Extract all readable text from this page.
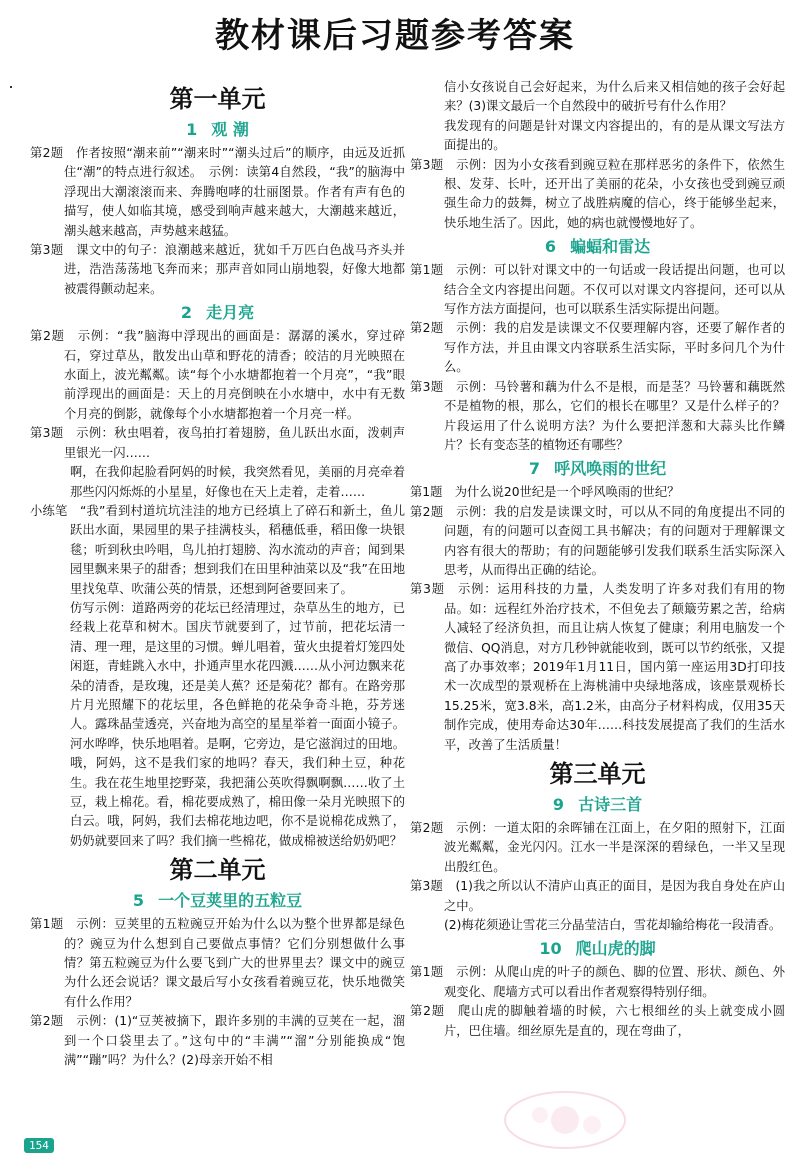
教材课后习题参考答案
第一单元
1 观 潮

第2题　作者按照“潮来前”“潮来时”“潮头过后”的顺序，由远及近抓住“潮”的特点进行叙述。　示例：读第4自然段，“我”的脑海中浮现出大潮滚滚而来、奔腾咆哮的壮丽图景。作者有声有色的描写，使人如临其境，感受到响声越来越大，大潮越来越近，潮头越来越高，声势越来越猛。

第3题　课文中的句子：浪潮越来越近，犹如千万匹白色战马齐头并进，浩浩荡荡地飞奔而来；那声音如同山崩地裂，好像大地都被震得颤动起来。

2 走月亮

第2题　示例：“我”脑海中浮现出的画面是：潺潺的溪水，穿过碎石，穿过草丛，散发出山草和野花的清香；皎洁的月光映照在水面上，波光粼粼。读“每个小水塘都抱着一个月亮”，“我”眼前浮现出的画面是：天上的月亮倒映在小水塘中，水中有无数个月亮的倒影，就像每个小水塘都抱着一个月亮一样。

第3题　示例：秋虫唱着，夜鸟拍打着翅膀，鱼儿跃出水面，泼刺声里银光一闪……

啊，在我仰起脸看阿妈的时候，我突然看见，美丽的月亮牵着那些闪闪烁烁的小星星，好像也在天上走着，走着……

小练笔　“我”看到村道坑坑洼洼的地方已经填上了碎石和新土，鱼儿跃出水面，果园里的果子挂满枝头，稻穗低垂，稻田像一块银毯；听到秋虫吟唱，鸟儿拍打翅膀、沟水流动的声音；闻到果园里飘来果子的甜香；想到我们在田里种油菜以及“我”在田地里找兔草、吹蒲公英的情景，还想到阿爸要回来了。

仿写示例：道路两旁的花坛已经清理过，杂草丛生的地方，已经栽上花草和树木。国庆节就要到了，过节前，把花坛清一清、理一理，是这里的习惯。蝉儿唱着，萤火虫提着灯笼四处闲逛，青蛙跳入水中，扑通声里水花四溅……从小河边飘来花朵的清香，是玫瑰，还是美人蕉？还是菊花？都有。在路旁那片月光照耀下的花坛里，各色鲜艳的花朵争奇斗艳，芬芳迷人。露珠晶莹透亮，兴奋地为高空的星星举着一面面小镜子。河水哗哗，快乐地唱着。是啊，它旁边，是它滋润过的田地。哦，阿妈，这不是我们家的地吗？春天，我们种土豆，种花生。我在花生地里挖野菜，我把蒲公英吹得飘啊飘……收了土豆，栽上棉花。看，棉花要成熟了，棉田像一朵月光映照下的白云。哦，阿妈，我们去棉花地边吧，你不是说棉花成熟了，奶奶就要回来了吗？我们摘一些棉花，做成棉被送给奶奶吧？

第二单元
5 一个豆荚里的五粒豆

第1题　示例：豆荚里的五粒豌豆开始为什么以为整个世界都是绿色的？豌豆为什么想到自己要做点事情？它们分别想做什么事情？第五粒豌豆为什么要飞到广大的世界里去？课文中的豌豆为什么还会说话？课文最后写小女孩看着豌豆花，快乐地微笑有什么作用？

第2题　示例：(1)“豆荚被摘下，跟许多别的丰满的豆荚在一起，溜到一个口袋里去了。”这句中的“丰满”“溜”分别能换成“饱满”“蹦”吗？为什么？(2)母亲开始不相

信小女孩说自己会好起来，为什么后来又相信她的孩子会好起来？(3)课文最后一个自然段中的破折号有什么作用？

我发现有的问题是针对课文内容提出的，有的是从课文写法方面提出的。

第3题　示例：因为小女孩看到豌豆粒在那样恶劣的条件下，依然生根、发芽、长叶，还开出了美丽的花朵，小女孩也受到豌豆顽强生命力的鼓舞，树立了战胜病魔的信心，终于能够坐起来，快乐地生活了。因此，她的病也就慢慢地好了。

6 蝙蝠和雷达

第1题　示例：可以针对课文中的一句话或一段话提出问题，也可以结合全文内容提出问题。不仅可以对课文内容提问，还可以从写作方法方面提问，也可以联系生活实际提出问题。

第2题　示例：我的启发是读课文不仅要理解内容，还要了解作者的写作方法，并且由课文内容联系生活实际，平时多问几个为什么。

第3题　示例：马铃薯和藕为什么不是根，而是茎？马铃薯和藕既然不是植物的根，那么，它们的根长在哪里？又是什么样子的？片段运用了什么说明方法？为什么要把洋葱和大蒜头比作鳞片？长有变态茎的植物还有哪些？

7 呼风唤雨的世纪

第1题　为什么说20世纪是一个呼风唤雨的世纪？

第2题　示例：我的启发是读课文时，可以从不同的角度提出不同的问题，有的问题可以查阅工具书解决；有的问题对于理解课文内容有很大的帮助；有的问题能够引发我们联系生活实际深入思考，从而得出正确的结论。

第3题　示例：运用科技的力量，人类发明了许多对我们有用的物品。如：远程红外治疗技术，不但免去了颠簸劳累之苦，给病人减轻了经济负担，而且让病人恢复了健康；利用电脑发一个微信、QQ消息，对方几秒钟就能收到，既可以节约纸张，又提高了办事效率；2019年1月11日，国内第一座运用3D打印技术一次成型的景观桥在上海桃浦中央绿地落成，该座景观桥长15.25米，宽3.8米，高1.2米，由高分子材料构成，仅用35天制作完成，使用寿命达30年……科技发展提高了我们的生活水平，改善了生活质量！

第三单元
9 古诗三首

第2题　示例：一道太阳的余晖铺在江面上，在夕阳的照射下，江面波光粼粼，金光闪闪。江水一半是深深的碧绿色，一半又呈现出殷红色。

第3题　(1)我之所以认不清庐山真正的面目，是因为我自身处在庐山之中。

(2)梅花须逊让雪花三分晶莹洁白，雪花却输给梅花一段清香。

10 爬山虎的脚

第1题　示例：从爬山虎的叶子的颜色、脚的位置、形状、颜色、外观变化、爬墙方式可以看出作者观察得特别仔细。

第2题　爬山虎的脚触着墙的时候，六七根细丝的头上就变成小圆片，巴住墙。细丝原先是直的，现在弯曲了，

154
